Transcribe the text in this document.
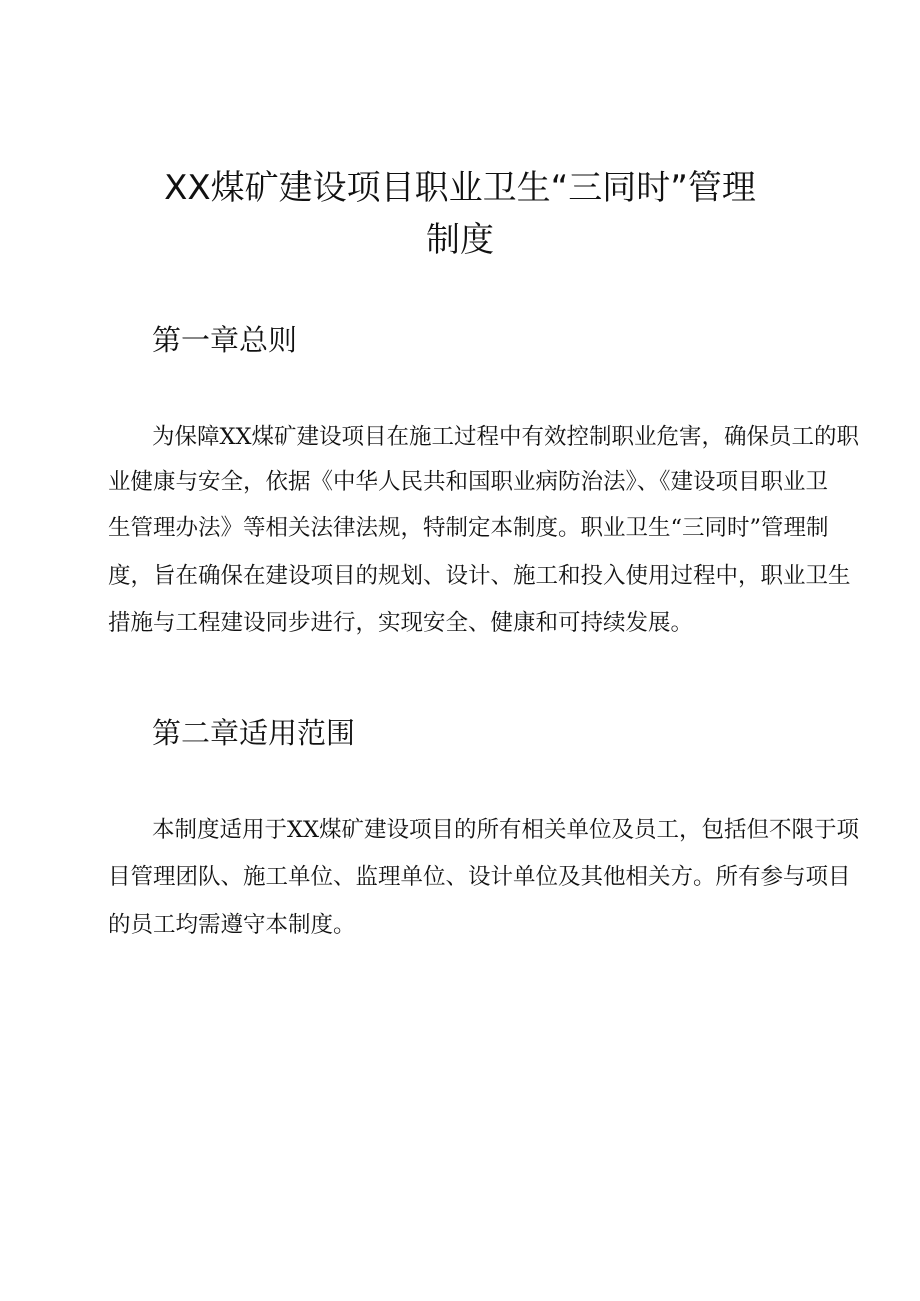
XX煤矿建设项目职业卫生“三同时”管理
制度
第一章总则

为保障XX煤矿建设项目在施工过程中有效控制职业危害，确保员工的职

业健康与安全，依据《中华人民共和国职业病防治法》、《建设项目职业卫

生管理办法》等相关法律法规，特制定本制度。职业卫生“三同时”管理制

度，旨在确保在建设项目的规划、设计、施工和投入使用过程中，职业卫生

措施与工程建设同步进行，实现安全、健康和可持续发展。

第二章适用范围

本制度适用于XX煤矿建设项目的所有相关单位及员工，包括但不限于项

目管理团队、施工单位、监理单位、设计单位及其他相关方。所有参与项目

的员工均需遵守本制度。
